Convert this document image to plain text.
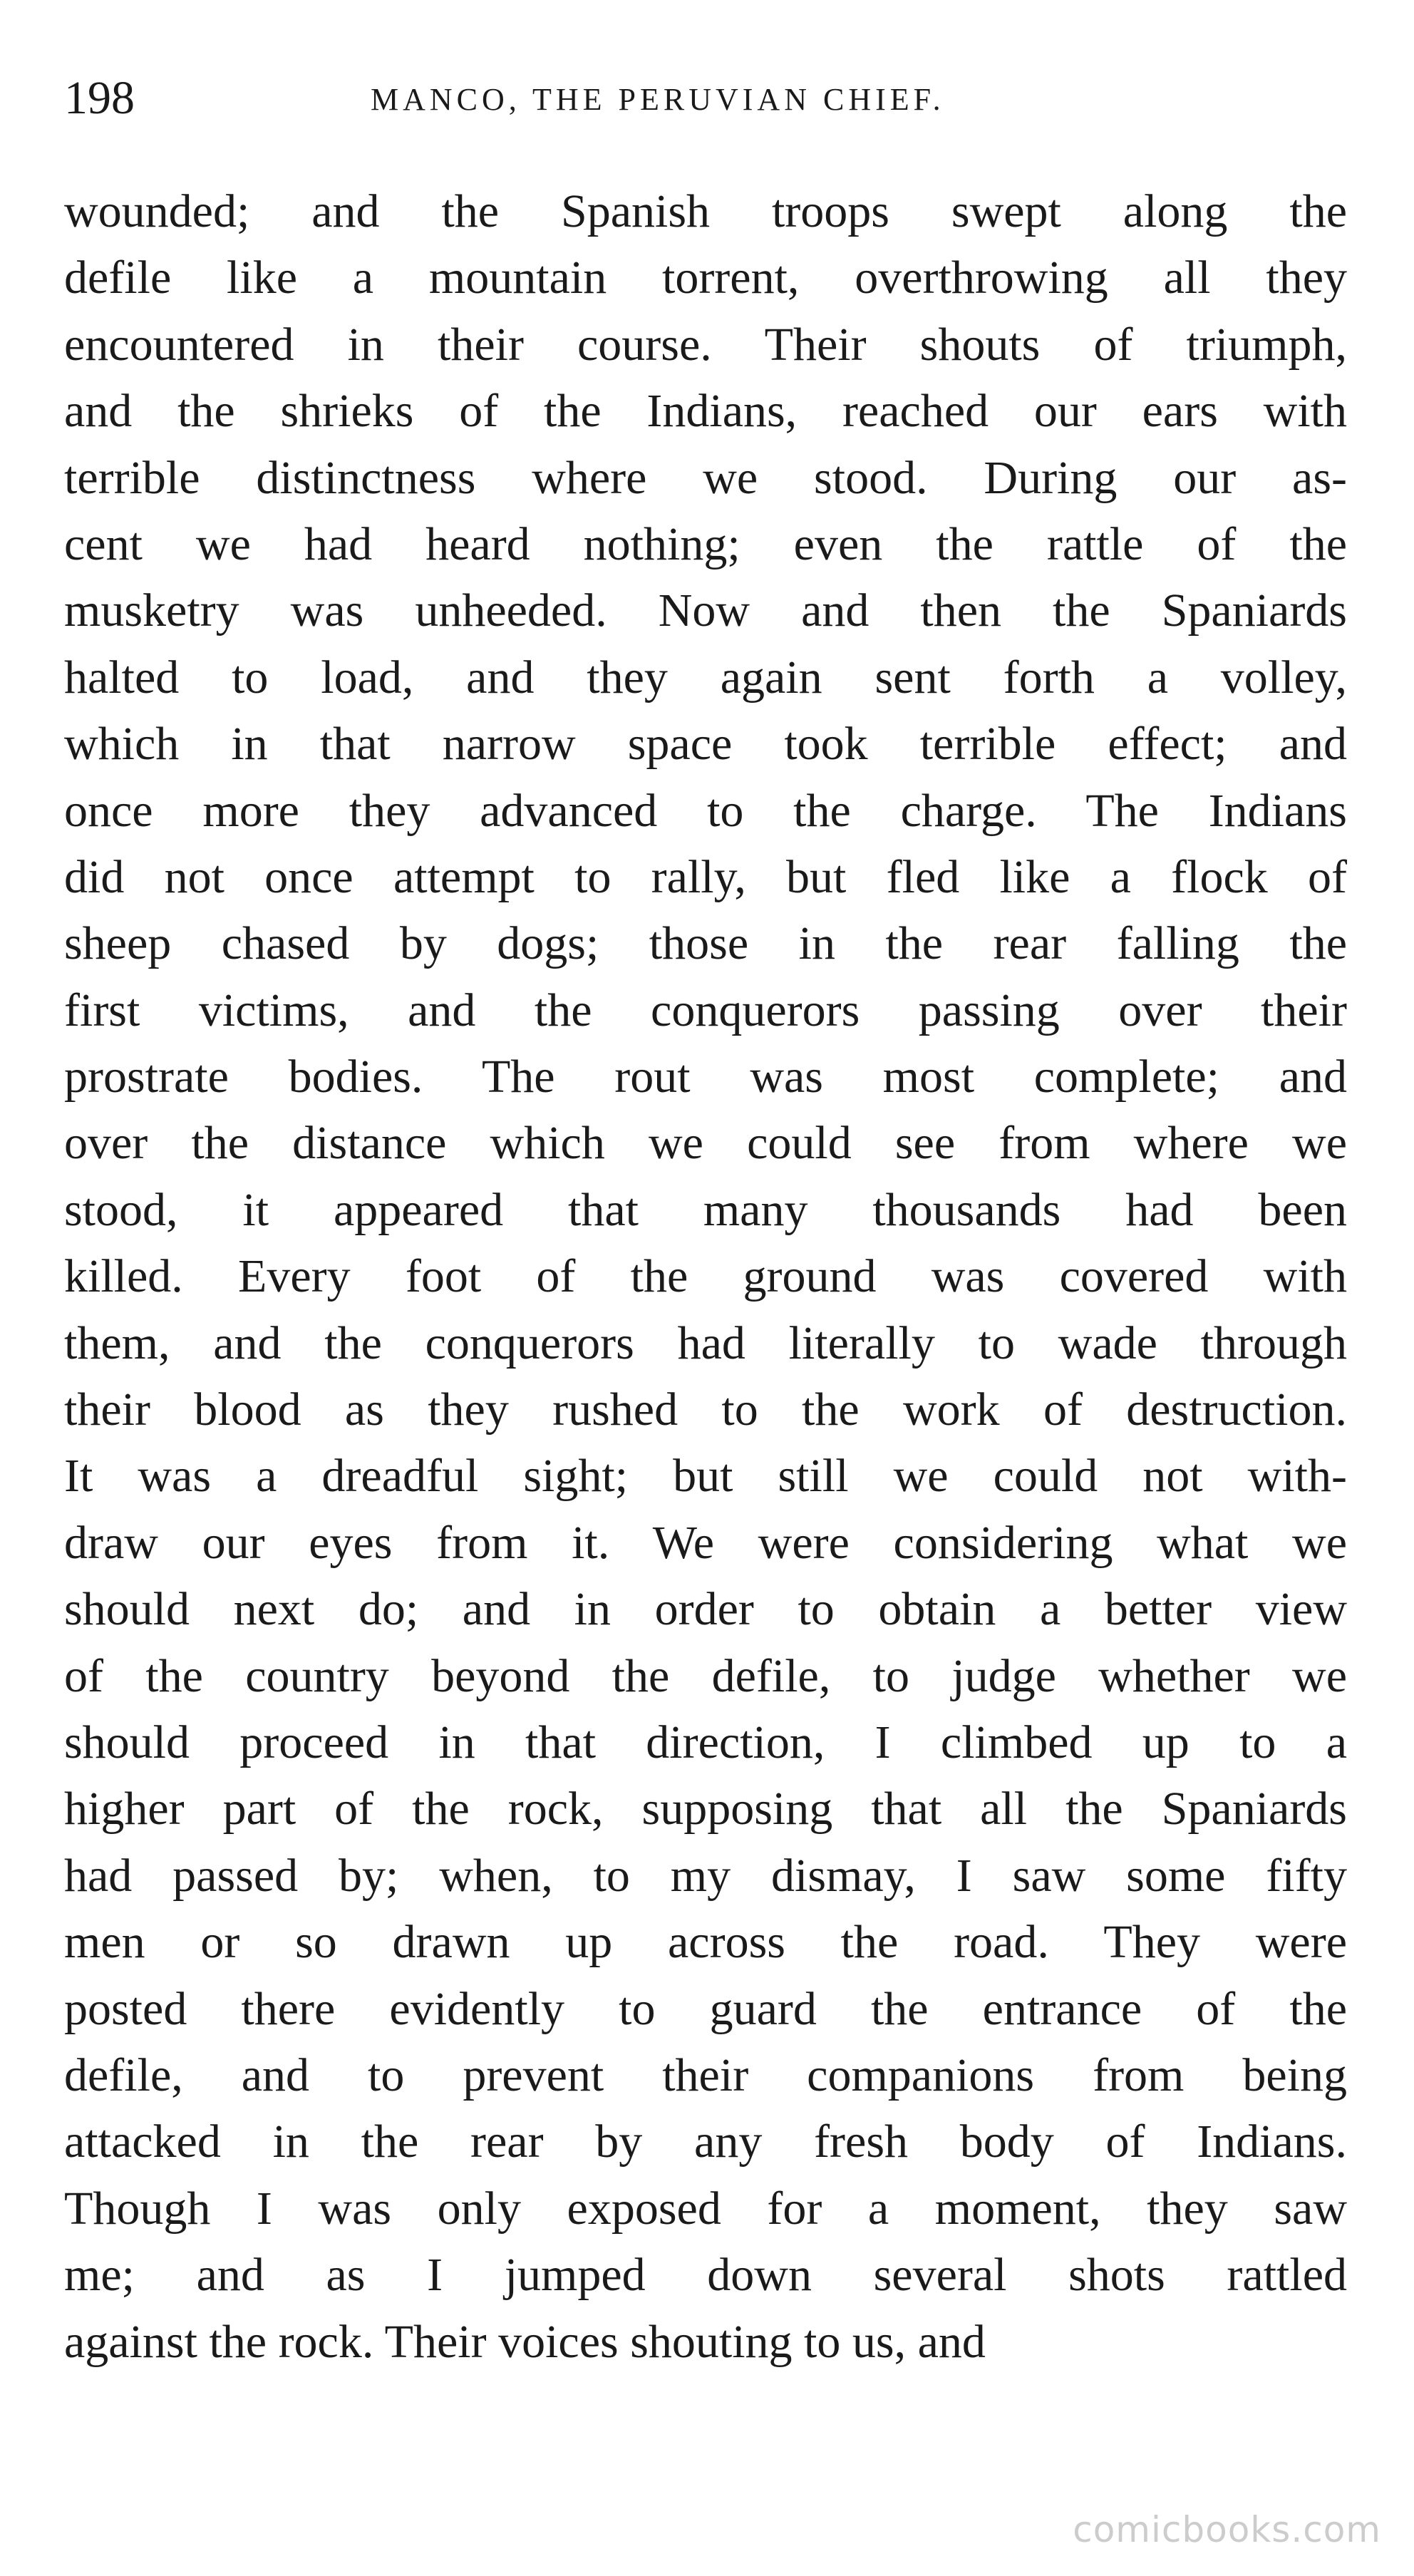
198	MANCO, THE PERUVIAN CHIEF.
wounded; and the Spanish troops swept along the
defile like a mountain torrent, overthrowing all they
encountered in their course. Their shouts of triumph,
and the shrieks of the Indians, reached our ears with
terrible distinctness where we stood. During our as-
cent we had heard nothing; even the rattle of the
musketry was unheeded. Now and then the Spaniards
halted to load, and they again sent forth a volley,
which in that narrow space took terrible effect; and
once more they advanced to the charge. The Indians
did not once attempt to rally, but fled like a flock of
sheep chased by dogs; those in the rear falling the
first victims, and the conquerors passing over their
prostrate bodies. The rout was most complete; and
over the distance which we could see from where we
stood, it appeared that many thousands had been
killed. Every foot of the ground was covered with
them, and the conquerors had literally to wade through
their blood as they rushed to the work of destruction.
It was a dreadful sight; but still we could not with-
draw our eyes from it. We were considering what we
should next do; and in order to obtain a better view
of the country beyond the defile, to judge whether we
should proceed in that direction, I climbed up to a
higher part of the rock, supposing that all the Spaniards
had passed by; when, to my dismay, I saw some fifty
men or so drawn up across the road. They were
posted there evidently to guard the entrance of the
defile, and to prevent their companions from being
attacked in the rear by any fresh body of Indians.
Though I was only exposed for a moment, they saw
me; and as I jumped down several shots rattled
against the rock. Their voices shouting to us, and
comicbooks.com
